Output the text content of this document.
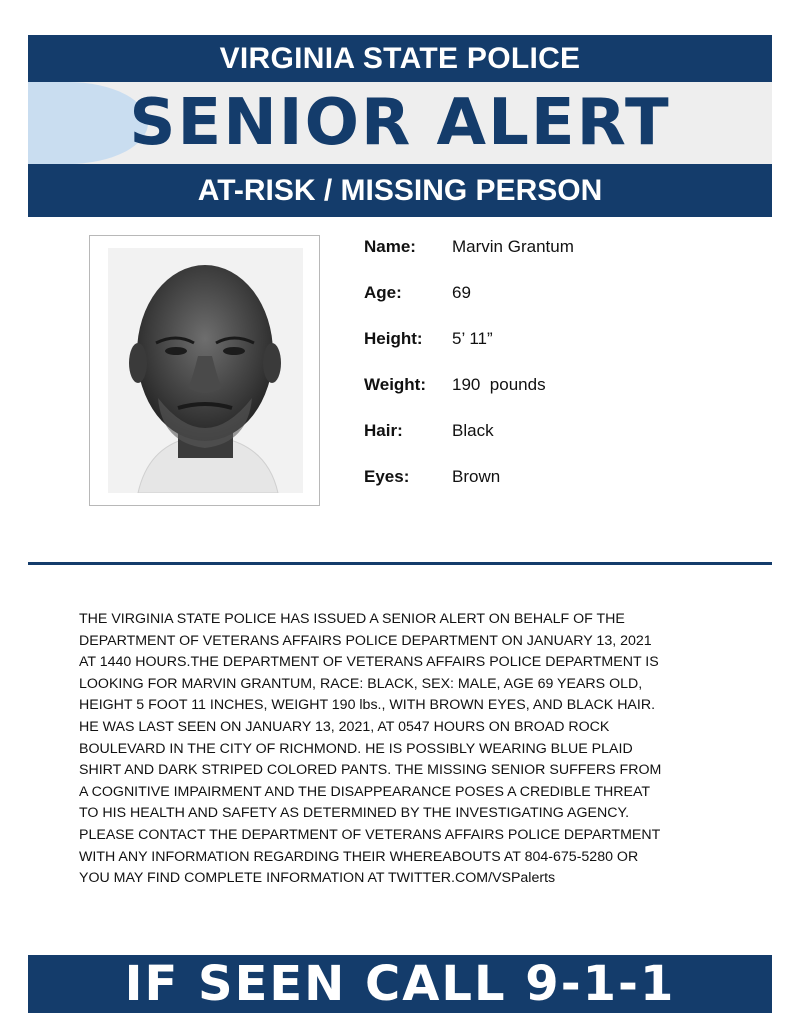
VIRGINIA STATE POLICE
SENIOR ALERT
AT-RISK / MISSING PERSON
Name:	Marvin Grantum
Age:	69
Height:	5’ 11”
Weight:	190  pounds
Hair:	Black
Eyes:	Brown
THE VIRGINIA STATE POLICE HAS ISSUED A SENIOR ALERT ON BEHALF OF THE
DEPARTMENT OF VETERANS AFFAIRS POLICE DEPARTMENT ON JANUARY 13, 2021
AT 1440 HOURS.THE DEPARTMENT OF VETERANS AFFAIRS POLICE DEPARTMENT IS
LOOKING FOR MARVIN GRANTUM, RACE: BLACK, SEX: MALE, AGE 69 YEARS OLD,
HEIGHT 5 FOOT 11 INCHES, WEIGHT 190 lbs., WITH BROWN EYES, AND BLACK HAIR.
HE WAS LAST SEEN ON JANUARY 13, 2021, AT 0547 HOURS ON BROAD ROCK
BOULEVARD IN THE CITY OF RICHMOND. HE IS POSSIBLY WEARING BLUE PLAID
SHIRT AND DARK STRIPED COLORED PANTS. THE MISSING SENIOR SUFFERS FROM
A COGNITIVE IMPAIRMENT AND THE DISAPPEARANCE POSES A CREDIBLE THREAT
TO HIS HEALTH AND SAFETY AS DETERMINED BY THE INVESTIGATING AGENCY.
PLEASE CONTACT THE DEPARTMENT OF VETERANS AFFAIRS POLICE DEPARTMENT
WITH ANY INFORMATION REGARDING THEIR WHEREABOUTS AT 804-675-5280 OR
YOU MAY FIND COMPLETE INFORMATION AT TWITTER.COM/VSPalerts
IF SEEN CALL 9-1-1
